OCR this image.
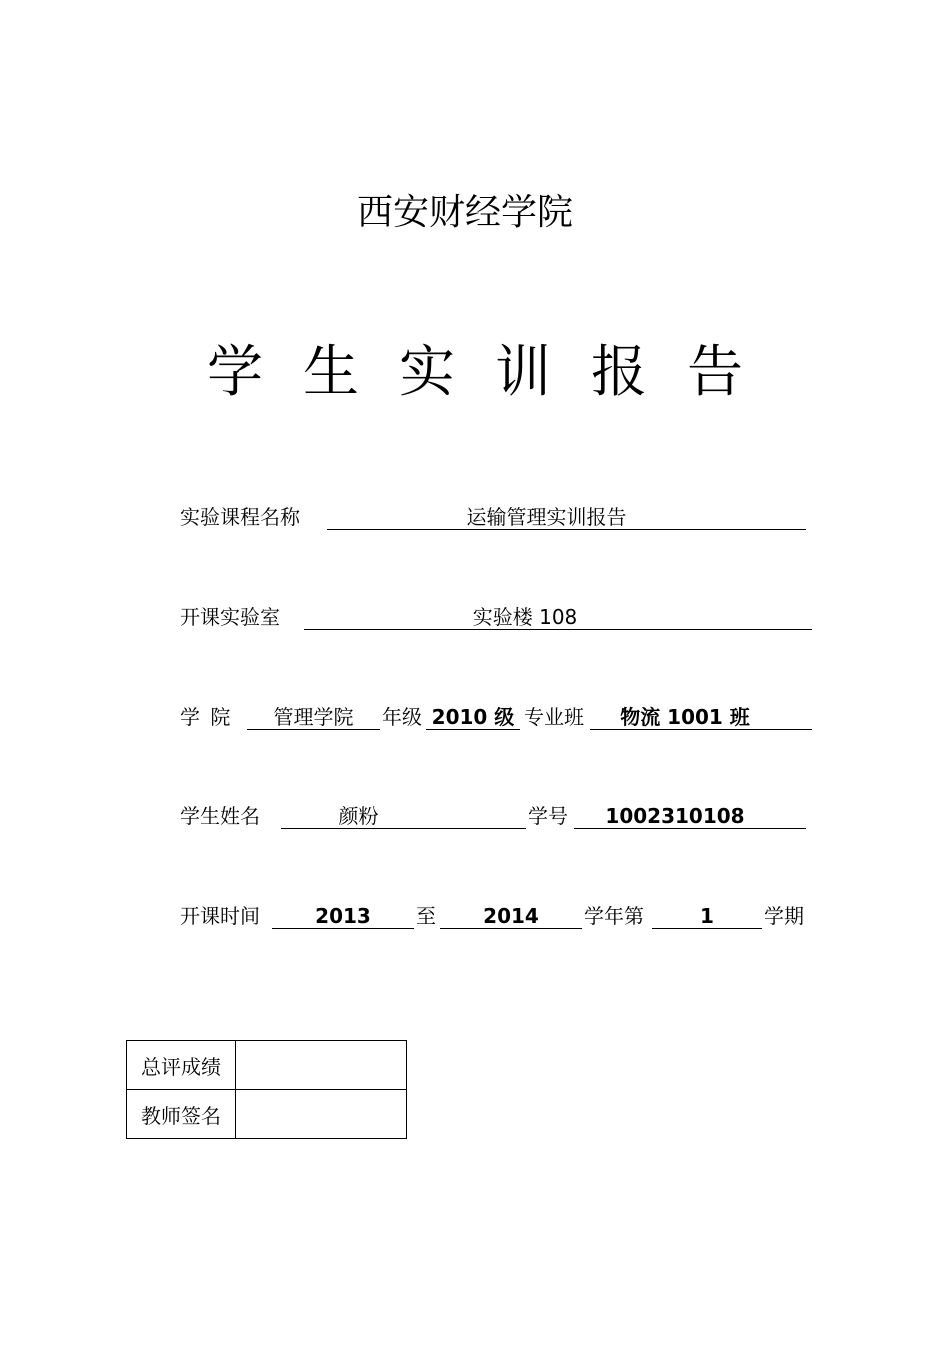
西安财经学院
学生实训报告
实验课程名称	运输管理实训报告
开课实验室	实验楼 108
学 院	管理学院	年级 2010 级 专业班	物流 1001 班
学生姓名	颜粉	学号	1002310108
开课时间	2013	至	2014	学年第	1	学期
总评成绩	
教师签名	
